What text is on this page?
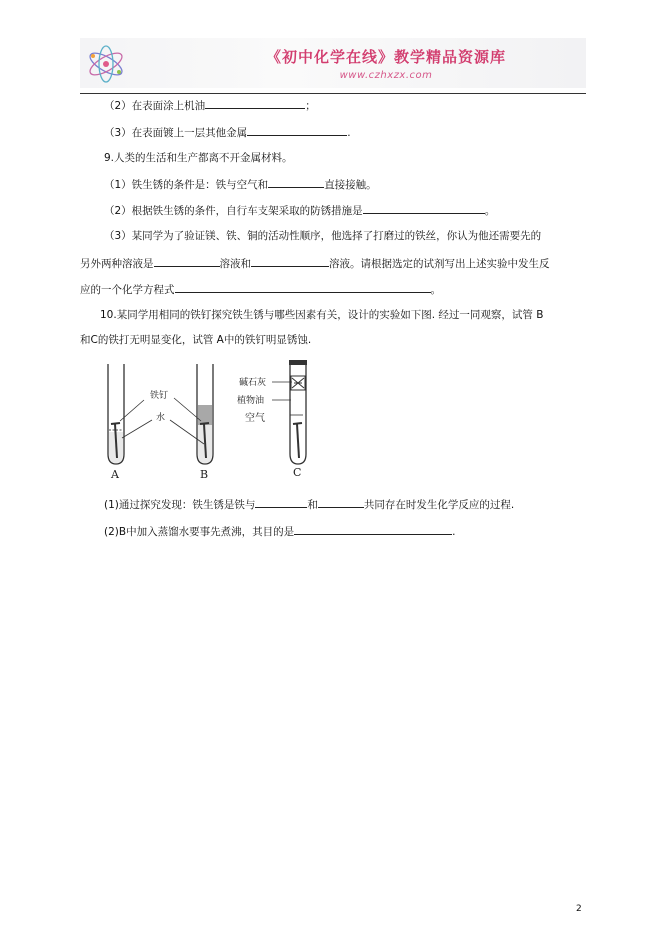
《初中化学在线》教学精品资源库
www.czhxzx.com
（2）在表面涂上机油	；
（3）在表面镀上一层其他金属	.
9.人类的生活和生产都离不开金属材料。
（1）铁生锈的条件是：铁与空气和	直接接触。
（2）根据铁生锈的条件，自行车支架采取的防锈措施是	。
（3）某同学为了验证镁、铁、铜的活动性顺序，他选择了打磨过的铁丝，你认为他还需要先的
另外两种溶液是	溶液和	溶液。请根据选定的试剂写出上述实验中发生反
应的一个化学方程式	。
10.某同学用相同的铁钉探究铁生锈与哪些因素有关，设计的实验如下图. 经过一同观察，试管 B
和C的铁打无明显变化，试管 A中的铁钉明显锈蚀.
铁钉
水
碱石灰
植物油
空气
A	B	C
(1)通过探究发现：铁生锈是铁与	和	共同存在时发生化学反应的过程.
(2)B中加入蒸馏水要事先煮沸，其目的是	.
2
